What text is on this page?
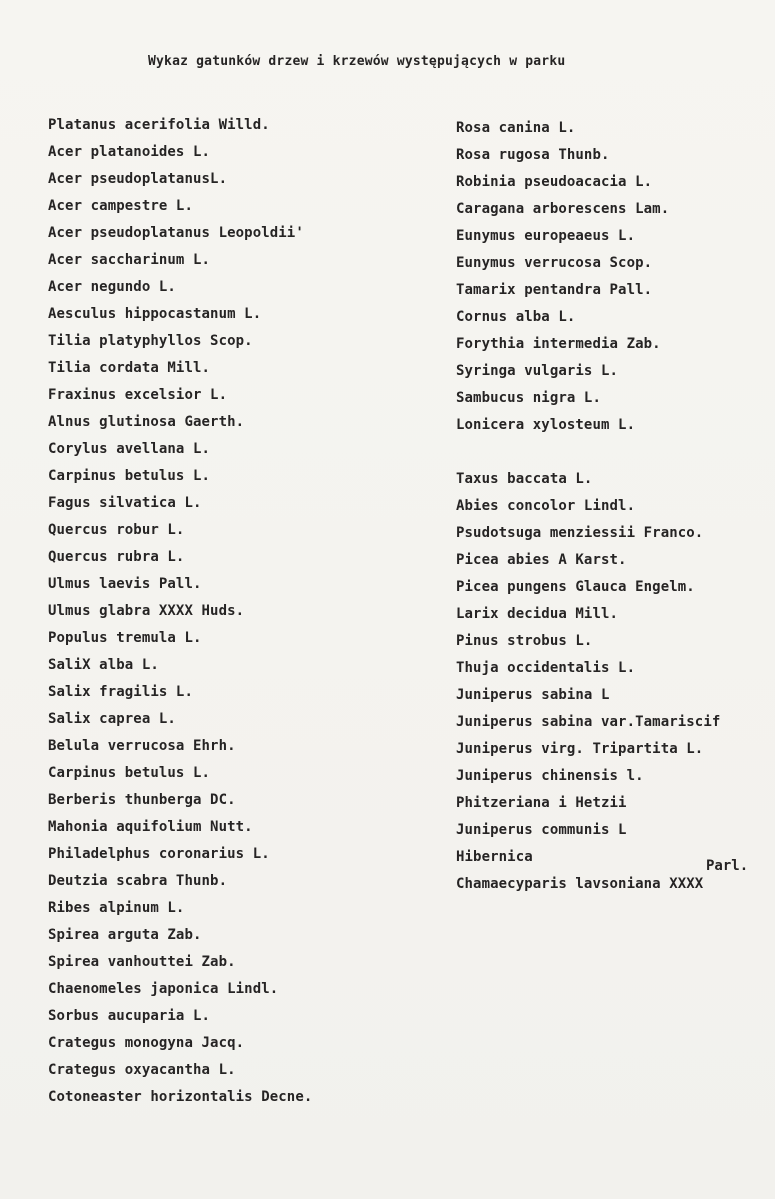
Wykaz gatunków drzew i krzewów występujących w parku
Platanus acerifolia Willd.
Acer platanoides L.
Acer pseudoplatanusL.
Acer campestre L.
Acer pseudoplatanus Leopoldii'
Acer saccharinum L.
Acer negundo L.
Aesculus hippocastanum L.
Tilia platyphyllos Scop.
Tilia cordata Mill.
Fraxinus excelsior L.
Alnus glutinosa Gaerth.
Corylus avellana L.
Carpinus betulus L.
Fagus silvatica L.
Quercus robur L.
Quercus rubra L.
Ulmus laevis Pall.
Ulmus glabra XXXX Huds.
Populus tremula L.
SaliX alba L.
Salix fragilis L.
Salix caprea L.
Belula verrucosa Ehrh.
Carpinus betulus L.
Berberis thunberga DC.
Mahonia aquifolium Nutt.
Philadelphus coronarius L.
Deutzia scabra Thunb.
Ribes alpinum L.
Spirea arguta Zab.
Spirea vanhouttei Zab.
Chaenomeles japonica Lindl.
Sorbus aucuparia L.
Crategus monogyna Jacq.
Crategus oxyacantha L.
Cotoneaster horizontalis Decne.
Rosa canina L.
Rosa rugosa Thunb.
Robinia pseudoacacia L.
Caragana arborescens Lam.
Eunymus europeaeus L.
Eunymus verrucosa Scop.
Tamarix pentandra Pall.
Cornus alba L.
Forythia intermedia Zab.
Syringa vulgaris L.
Sambucus nigra L.
Lonicera xylosteum L.
Taxus baccata L.
Abies concolor Lindl.
Psudotsuga menziessii Franco.
Picea abies A Karst.
Picea pungens Glauca Engelm.
Larix decidua Mill.
Pinus strobus L.
Thuja occidentalis L.
Juniperus sabina L
Juniperus sabina var.Tamariscif
Juniperus virg. Tripartita L.
Juniperus chinensis l.
Phitzeriana i Hetzii
Juniperus communis L
Hibernica
Chamaecyparis lavsoniana XXXX
Parl.
